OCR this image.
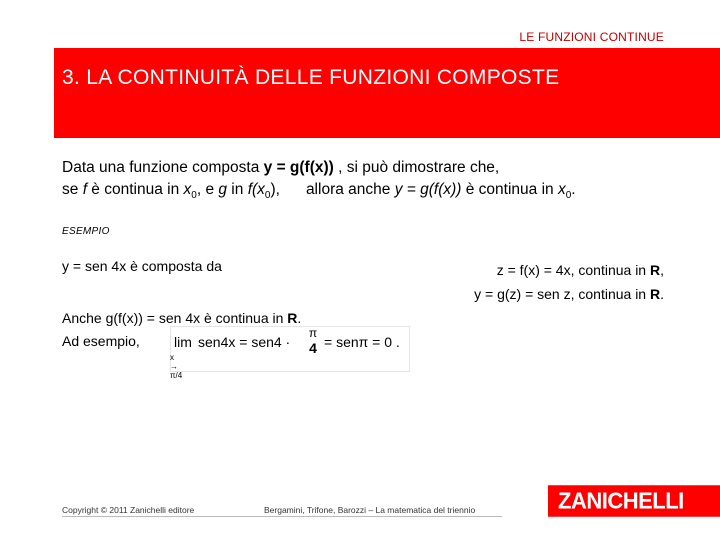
LE FUNZIONI CONTINUE
3. LA CONTINUITÀ DELLE FUNZIONI COMPOSTE
Data una funzione composta y = g(f(x)) , si può dimostrare che,
se f è continua in $x_0$, e g in $f(x_0)$, allora anche y = g(f(x)) è continua in $x_0$.
ESEMPIO
y = sen 4x è composta da	z = f(x) = 4x, continua in R,
y = g(z) = sen z, continua in R.
Anche g(f(x)) = sen 4x è continua in R.
Ad esempio,	lim
x → π/4
sen4x = sen4 ·
π
4 = senπ = 0 .
Copyright © 2011 Zanichelli editore	Bergamini, Trifone, Barozzi – La matematica del triennio	ZANICHELLI
